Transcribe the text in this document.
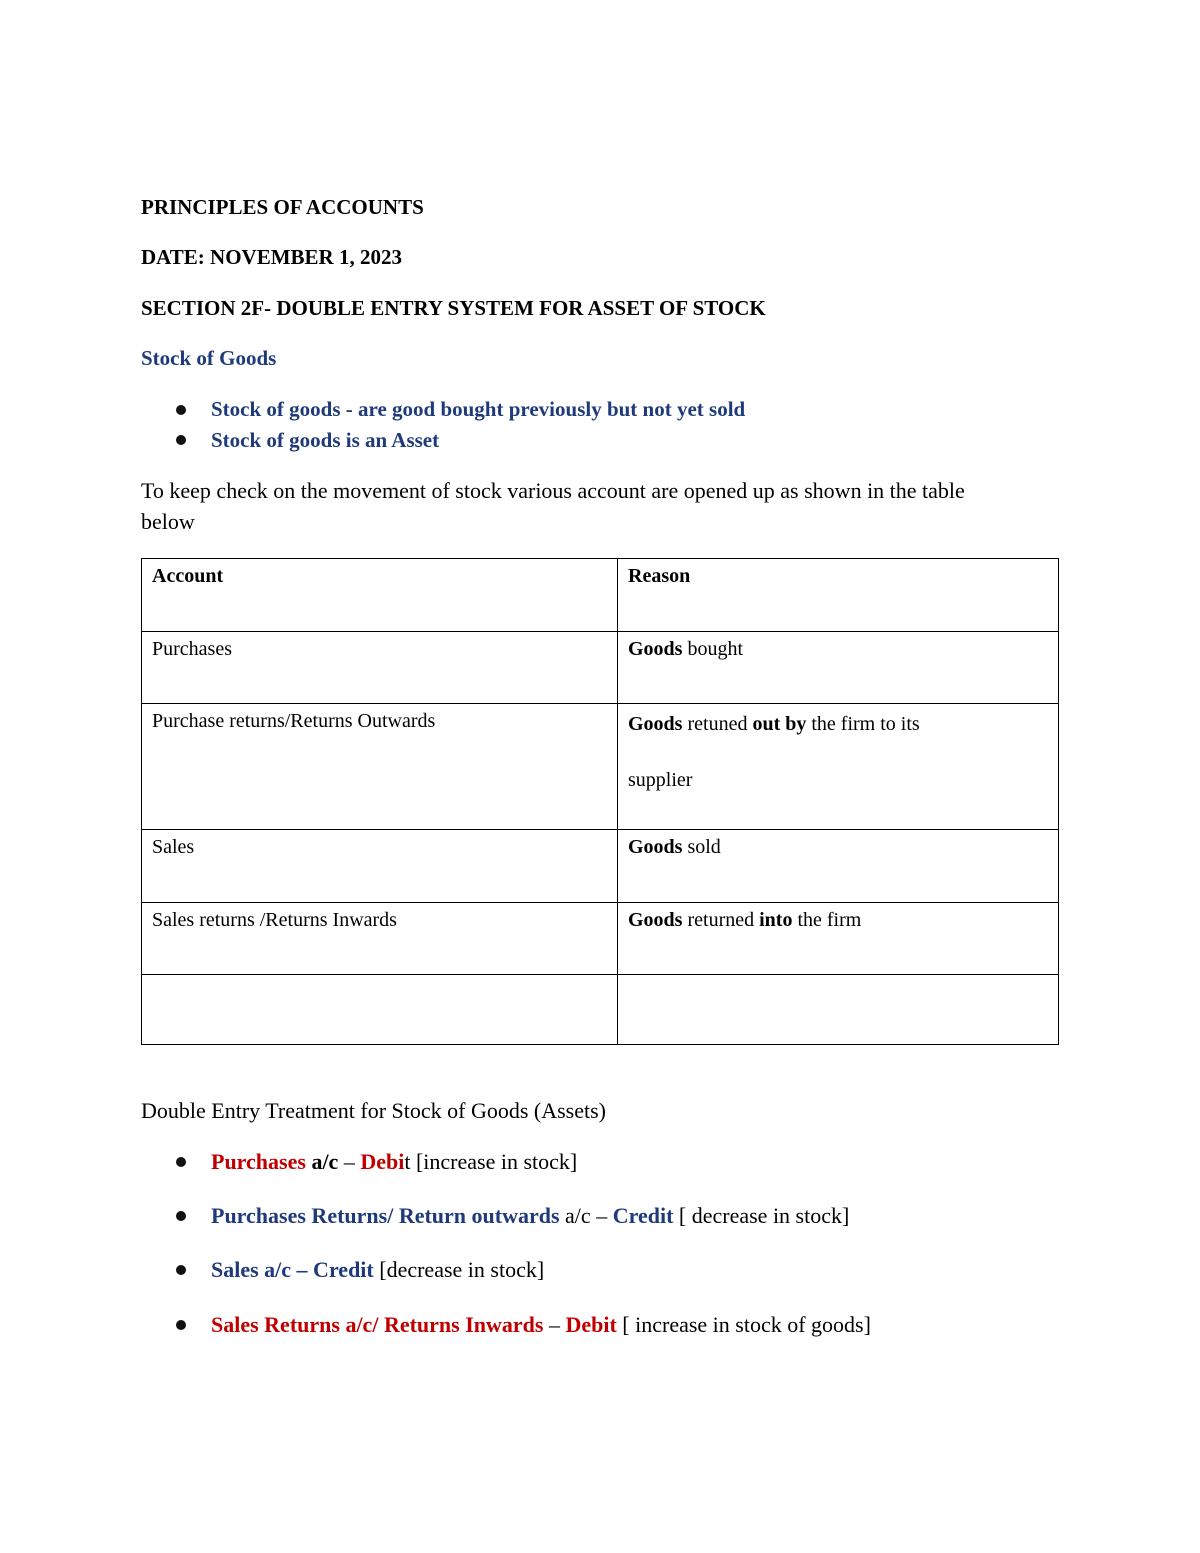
PRINCIPLES OF ACCOUNTS
DATE: NOVEMBER 1, 2023
SECTION 2F- DOUBLE ENTRY SYSTEM FOR ASSET OF STOCK
Stock of Goods
Stock of goods - are good bought previously but not yet sold
Stock of goods is an Asset
To keep check on the movement of stock various account are opened up as shown in the table
below
Account	Reason
Purchases	Goods bought
Purchase returns/Returns Outwards	Goods retuned out by the firm to its
supplier

Sales	Goods sold
Sales returns /Returns Inwards	Goods returned into the firm

Double Entry Treatment for Stock of Goods (Assets)
Purchases a/c – Debit [increase in stock]
Purchases Returns/ Return outwards a/c – Credit [ decrease in stock]
Sales a/c – Credit [decrease in stock]
Sales Returns a/c/ Returns Inwards – Debit [ increase in stock of goods]
